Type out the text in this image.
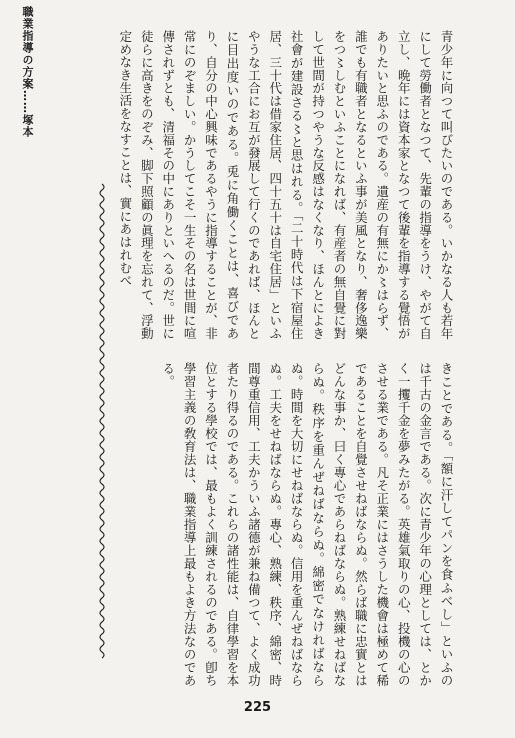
職業指導の方案……塚本	青少年に向つて叫びたいのである。いかなる人も若年にして勞働者となつて、先輩の指導をうけ、やがて自立し、晩年には資本家となつて後輩を指導する覺悟がありたいと思ふのである。遺産の有無にか〻はらず、誰でも有職者となるといふ事が美風となり、奢侈逸樂をつ〻しむといふことになれば、有産者の無自覺に對して世間が持つやうな反感はなくなり、ほんとによき社會が建設さる〻と思はれる。「二十時代は下宿屋住居、三十代は借家住居、四十五十は自宅住居」といふやうな工合にお互が發展して行くのであれば、ほんとに目出度いのである。兎に角働くことは、喜びであり、自分の中心興味であるやうに指導することが、非常にのぞましい。かうしてこそ一生その名は世間に喧傳されずとも、清福その中にありといへるのだ。世に徒らに高きをのぞみ、脚下照顧の眞理を忘れて、浮動定めなき生活をなすことは、實にあはれむべ
きことである。「額に汗してパンを食ふべし」といふのは千古の金言である。次に青少年の心理としては、とかく一攫千金を夢みたがる。英雄氣取りの心、投機の心のさせる業である。凡そ正業にはさうした機會は極めて稀であることを自覺させねばならぬ。然らば職に忠實とはどんな事か、曰く專心であらねばならぬ。熟練せねばならぬ。秩序を重んぜねばならぬ。綿密でなければならぬ。時間を大切にせねばならぬ。信用を重んぜねばならぬ。工夫をせねばならぬ。專心、熟練、秩序、綿密、時間尊重信用、工夫かういふ諸德が兼ね備つて、よく成功者たり得るのである。これらの諸性能は、自律學習を本位とする學校では、最もよく訓練されるのである。卽ち學習主義の敎育法は、職業指導上最もよき方法なのである。
225
